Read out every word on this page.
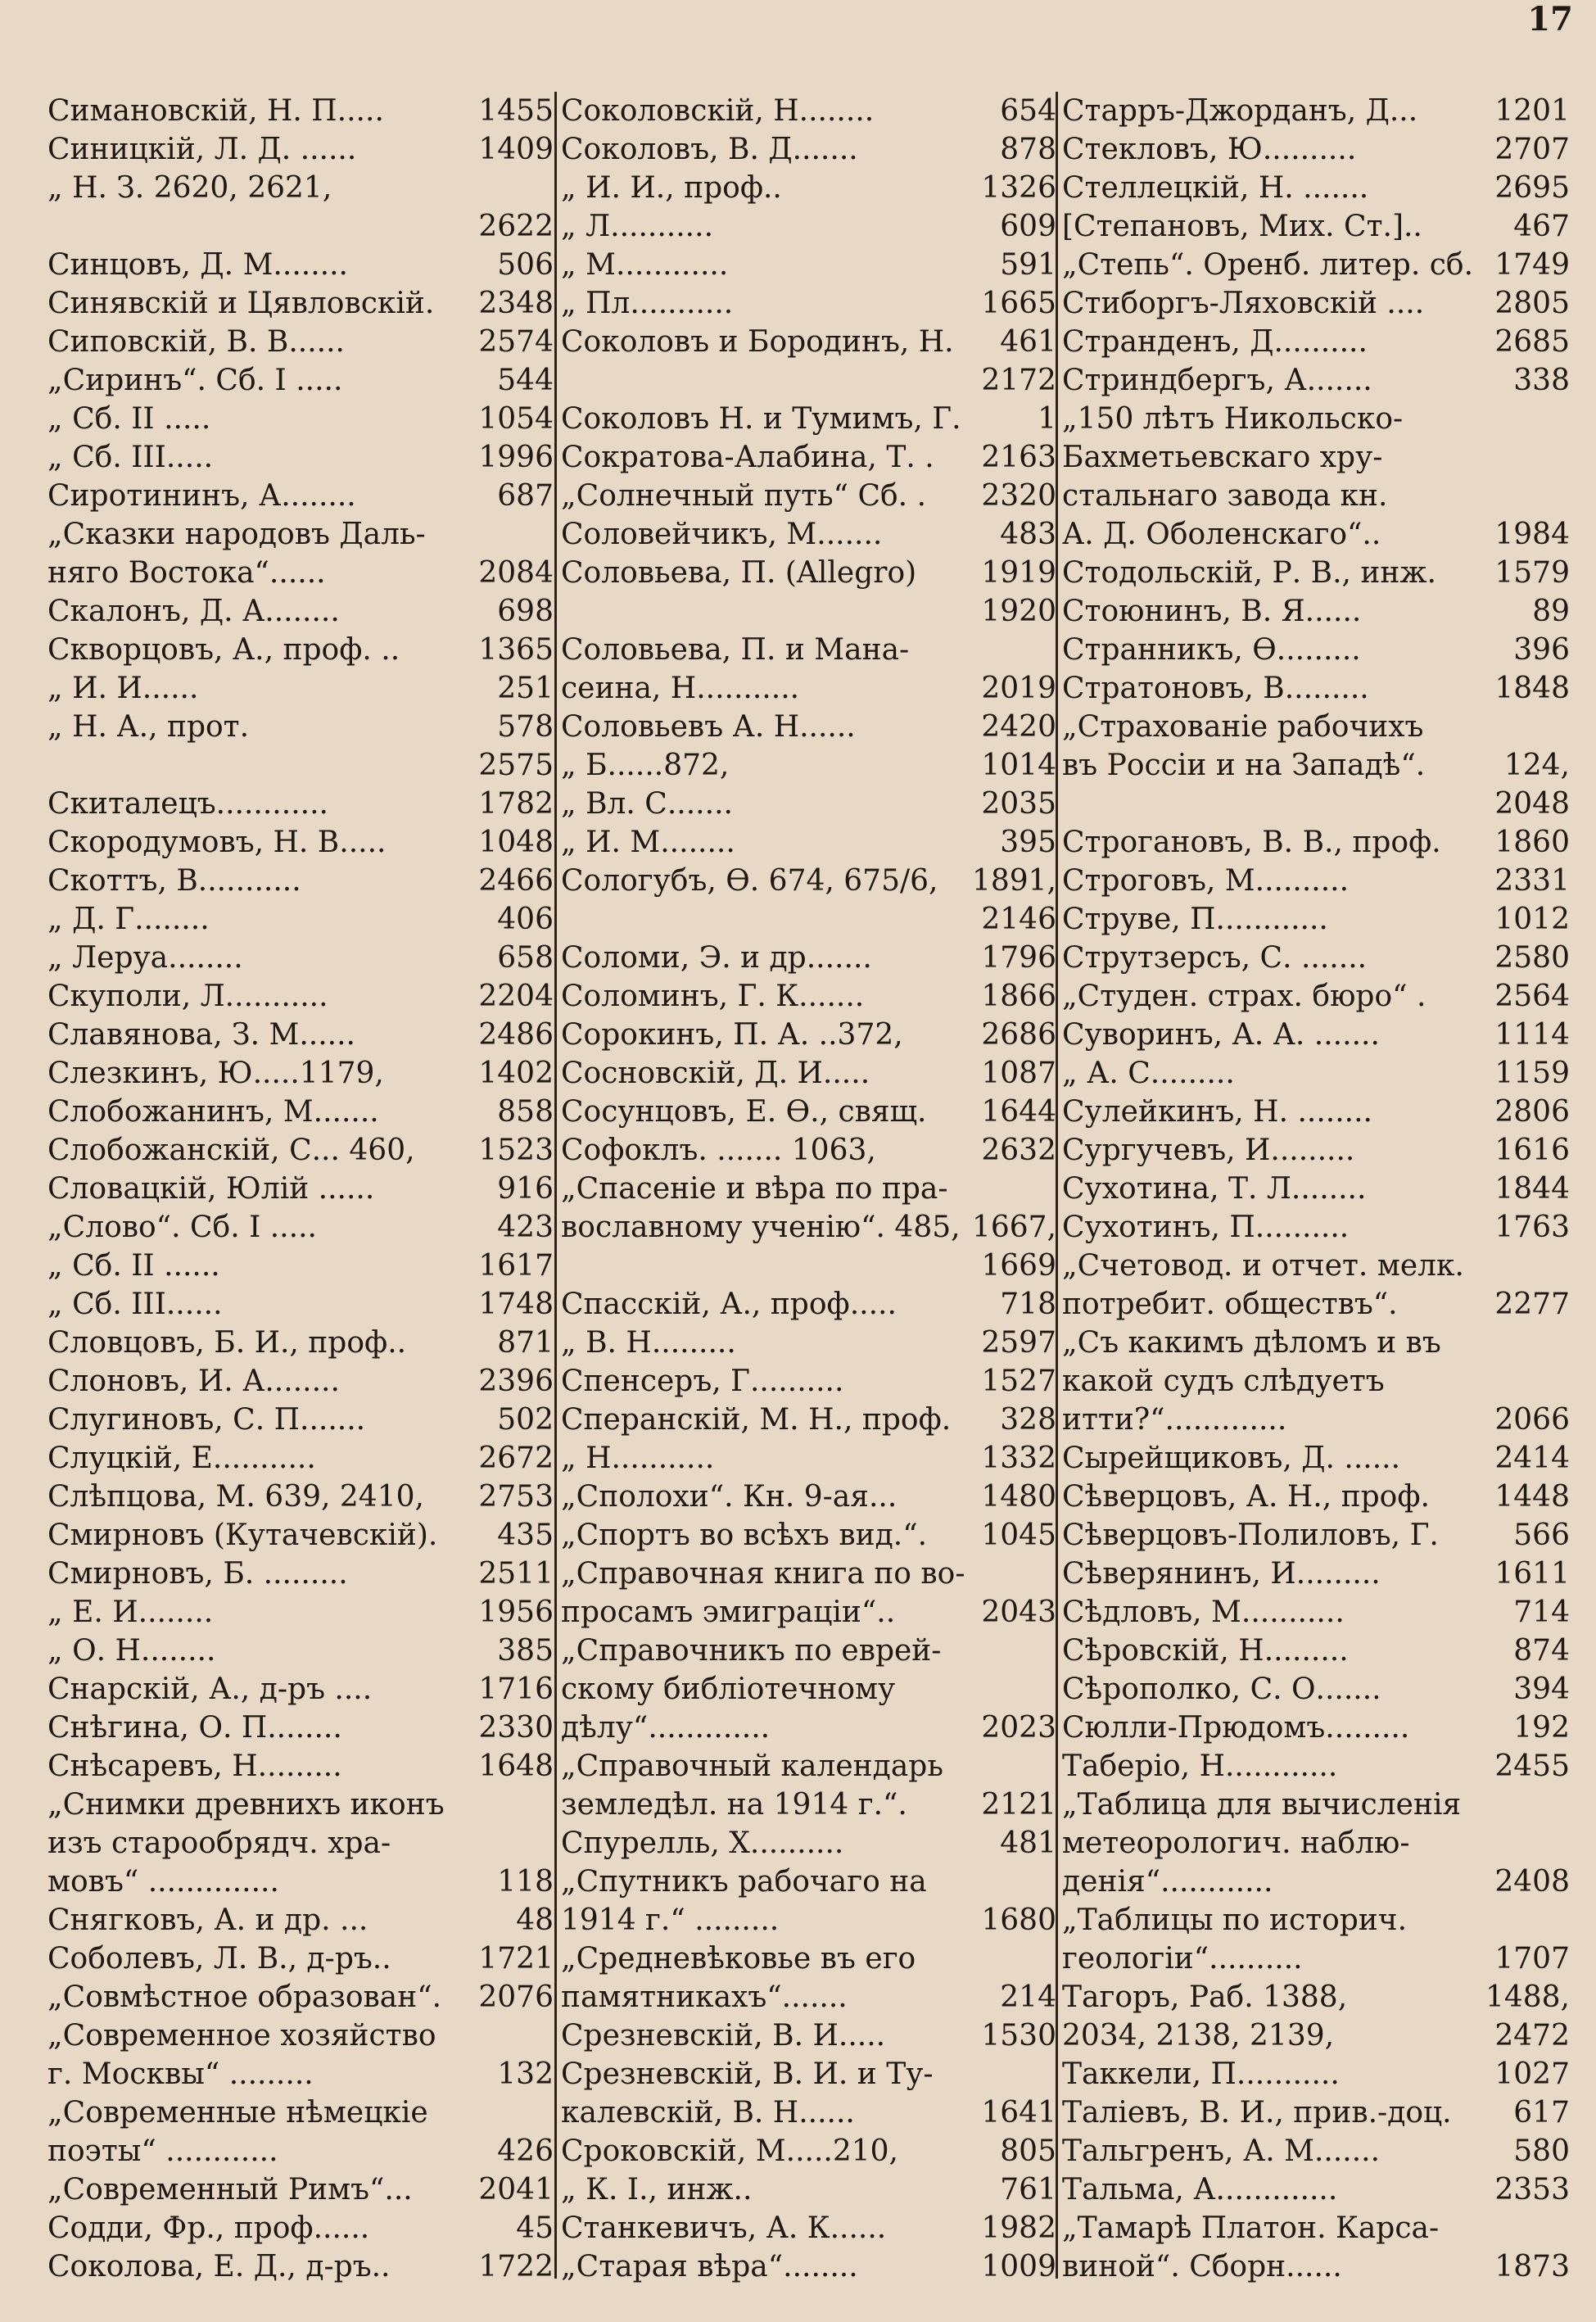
17
Симановскій, Н. П.....	1455
Синицкій, Л. Д. ......	1409
„ Н. З. 2620, 2621,
2622
Синцовъ, Д. М........	506
Синявскій и Цявловскій. 2348
Сиповскій, В. В......	2574
„Сиринъ“. Сб. І .....	544
„ Сб. II .....	1054
„ Сб. III.....	1996
Сиротининъ, А........	687
„Сказки народовъ Даль-
няго Востока“......	2084
Скалонъ, Д. А........	698
Скворцовъ, А., проф. ..	1365
„ И. И......	251
„ Н. А., прот.	578
2575
Скиталецъ............	1782
Скородумовъ, Н. В.....	1048
Скоттъ, В...........	2466
„ Д. Г........	406
„ Леруа........	658
Скуполи, Л...........	2204
Славянова, З. М......	2486
Слезкинъ, Ю.....1179,	1402
Слобожанинъ, М.......	858
Слобожанскій, С... 460, 1523
Словацкій, Юлій ......	916
„Слово“. Сб. І .....	423
„ Сб. II ......	1617
„ Сб. III......	1748
Словцовъ, Б. И., проф..	871
Слоновъ, И. А........	2396
Слугиновъ, С. П.......	502
Слуцкій, Е...........	2672
Слѣпцова, М. 639, 2410, 2753
Смирновъ (Кутачевскій). 435
Смирновъ, Б. .........	2511
„ Е. И........	1956
„ О. Н........	385
Снарскій, А., д-ръ ....	1716
Снѣгина, О. П........	2330
Снѣсаревъ, Н.........	1648
„Снимки древнихъ иконъ
изъ старообрядч. хра-
мовъ“ ..............	118
Снягковъ, А. и др. ...	48
Соболевъ, Л. В., д-ръ..	1721
„Совмѣстное образован“. 2076
„Современное хозяйство
г. Москвы“ .........	132
„Современные нѣмецкіе
поэты“ ............	426
„Современный Римъ“... 2041
Содди, Фр., проф......	45
Соколова, Е. Д., д-ръ..	1722
Соколовскій, Н........	654
Соколовъ, В. Д.......	878
„ И. И., проф..	1326
„ Л...........	609
„ М............	591
„ Пл...........	1665
Соколовъ и Бородинъ, Н. 461
2172
Соколовъ Н. и Тумимъ, Г.	1
Сократова-Алабина, Т. . 2163
„Солнечный путь“ Сб. . 2320
Соловейчикъ, М.......	483
Соловьева, П. (Allegro) 1919
1920
Соловьева, П. и Мана-
сеина, Н...........	2019
Соловьевъ А. Н......	2420
„ Б......872,	1014
„ Вл. С.......	2035
„ И. М........	395
Сологубъ, Ѳ. 674, 675/6, 1891,
2146
Соломи, Э. и др.......	1796
Соломинъ, Г. К.......	1866
Сорокинъ, П. А. ..372,	2686
Сосновскій, Д. И.....	1087
Сосунцовъ, Е. Ѳ., свящ. 1644
Софоклъ. ....... 1063,	2632
„Спасеніе и вѣра по пра-
вославному ученію“. 485, 1667,
1669
Спасскій, А., проф.....	718
„ В. Н.........	2597
Спенсеръ, Г..........	1527
Сперанскій, М. Н., проф. 328
„ Н...........	1332
„Сполохи“. Кн. 9-ая...	1480
„Спортъ во всѣхъ вид.“. 1045
„Справочная книга по во-
просамъ эмиграціи“..	2043
„Справочникъ по еврей-
скому библіотечному
дѣлу“.............	2023
„Справочный календарь
земледѣл. на 1914 г.“.	2121
Спурелль, Х..........	481
„Спутникъ рабочаго на
1914 г.“ .........	1680
„Средневѣковье въ его
памятникахъ“.......	214
Срезневскій, В. И.....	1530
Срезневскій, В. И. и Ту-
калевскій, В. Н......	1641
Сроковскій, М.....210,	805
„ К. І., инж..	761
Станкевичъ, А. К......	1982
„Старая вѣра“........	1009
Старръ-Джорданъ, Д...	1201
Стекловъ, Ю..........	2707
Стеллецкій, Н. .......	2695
[Степановъ, Мих. Ст.]..	467
„Степь“. Оренб. литер. сб. 1749
Стиборгъ-Ляховскій .... 2805
Странденъ, Д..........	2685
Стриндбергъ, А.......	338
„150 лѣтъ Никольско-
Бахметьевскаго хру-
стальнаго завода кн.
А. Д. Оболенскаго“..	1984
Стодольскій, Р. В., инж. 1579
Стоюнинъ, В. Я......	89
Странникъ, Ѳ.........	396
Стратоновъ, В.........	1848
„Страхованіе рабочихъ
въ Россіи и на Западѣ“.	124,
2048
Строгановъ, В. В., проф. 1860
Строговъ, М..........	2331
Струве, П............	1012
Струтзерсъ, С. .......	2580
„Студен. страх. бюро“ . 2564
Суворинъ, А. А. .......	1114
„ А. С.........	1159
Сулейкинъ, Н. ........	2806
Сургучевъ, И.........	1616
Сухотина, Т. Л........	1844
Сухотинъ, П..........	1763
„Счетовод. и отчет. мелк.
потребит. обществъ“.	2277
„Съ какимъ дѣломъ и въ
какой судъ слѣдуетъ
итти?“.............	2066
Сырейщиковъ, Д. ......	2414
Сѣверцовъ, А. Н., проф. 1448
Сѣверцовъ-Полиловъ, Г.	566
Сѣверянинъ, И.........	1611
Сѣдловъ, М...........	714
Сѣровскій, Н.........	874
Сѣрополко, С. О.......	394
Сюлли-Прюдомъ.........	192
Таберіо, Н............	2455
„Таблица для вычисленія
метеорологич. наблю-
денія“............	2408
„Таблицы по историч.
геологіи“..........	1707
Тагоръ, Раб. 1388,	1488,
2034, 2138, 2139,	2472
Таккели, П...........	1027
Таліевъ, В. И., прив.-доц. 617
Тальгренъ, А. М.......	580
Тальма, А.............	2353
„Тамарѣ Платон. Карса-
виной“. Сборн......	1873
